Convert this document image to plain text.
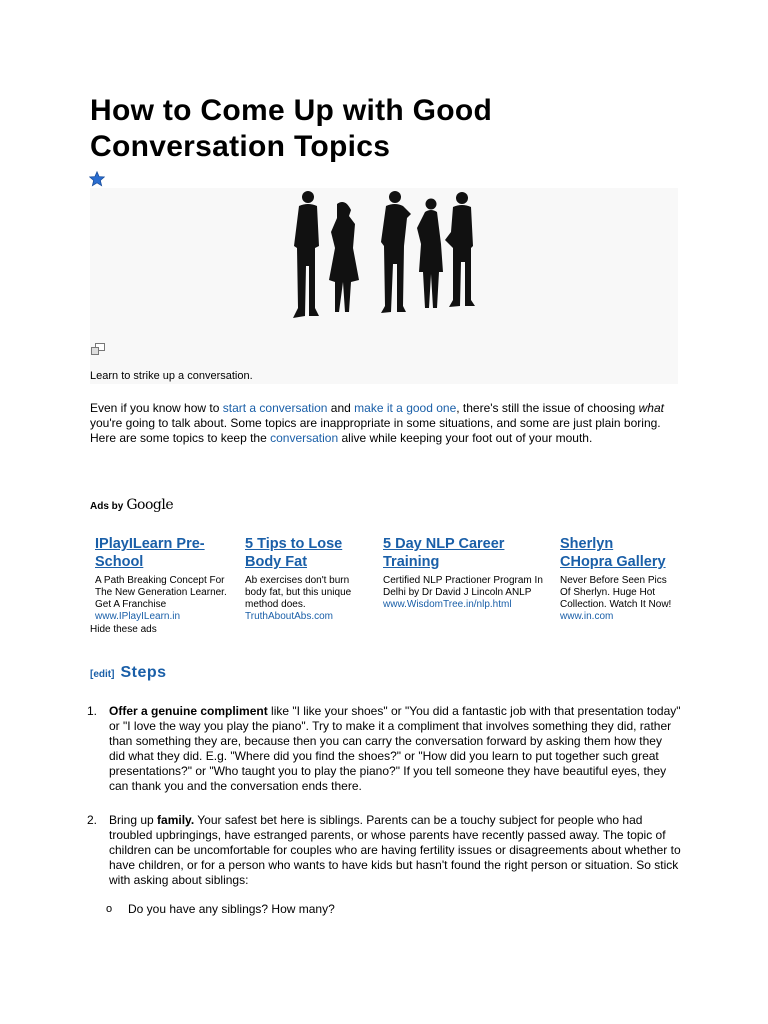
How to Come Up with Good Conversation Topics
Learn to strike up a conversation.

Even if you know how to start a conversation and make it a good one, there's still the issue of choosing what you're going to talk about. Some topics are inappropriate in some situations, and some are just plain boring. Here are some topics to keep the conversation alive while keeping your foot out of your mouth.

Ads by Google
IPlayILearn Pre-
School
A Path Breaking Concept For The New Generation Learner. Get A Franchise
www.IPlayILearn.in
5 Tips to Lose
Body Fat
Ab exercises don't burn body fat, but this unique method does.
TruthAboutAbs.com
5 Day NLP Career
Training
Certified NLP Practioner Program In Delhi by Dr David J Lincoln ANLP
www.WisdomTree.in/nlp.html
Sherlyn
CHopra Gallery
Never Before Seen Pics Of Sherlyn. Huge Hot Collection. Watch It Now!
www.in.com
Hide these ads
[edit] Steps
1. Offer a genuine compliment like "I like your shoes" or "You did a fantastic job with that presentation today" or "I love the way you play the piano". Try to make it a compliment that involves something they did, rather than something they are, because then you can carry the conversation forward by asking them how they did what they did. E.g. "Where did you find the shoes?" or "How did you learn to put together such great presentations?" or "Who taught you to play the piano?" If you tell someone they have beautiful eyes, they can thank you and the conversation ends there.

2. Bring up family. Your safest bet here is siblings. Parents can be a touchy subject for people who had troubled upbringings, have estranged parents, or whose parents have recently passed away. The topic of children can be uncomfortable for couples who are having fertility issues or disagreements about whether to have children, or for a person who wants to have kids but hasn't found the right person or situation. So stick with asking about siblings:

o Do you have any siblings? How many?
